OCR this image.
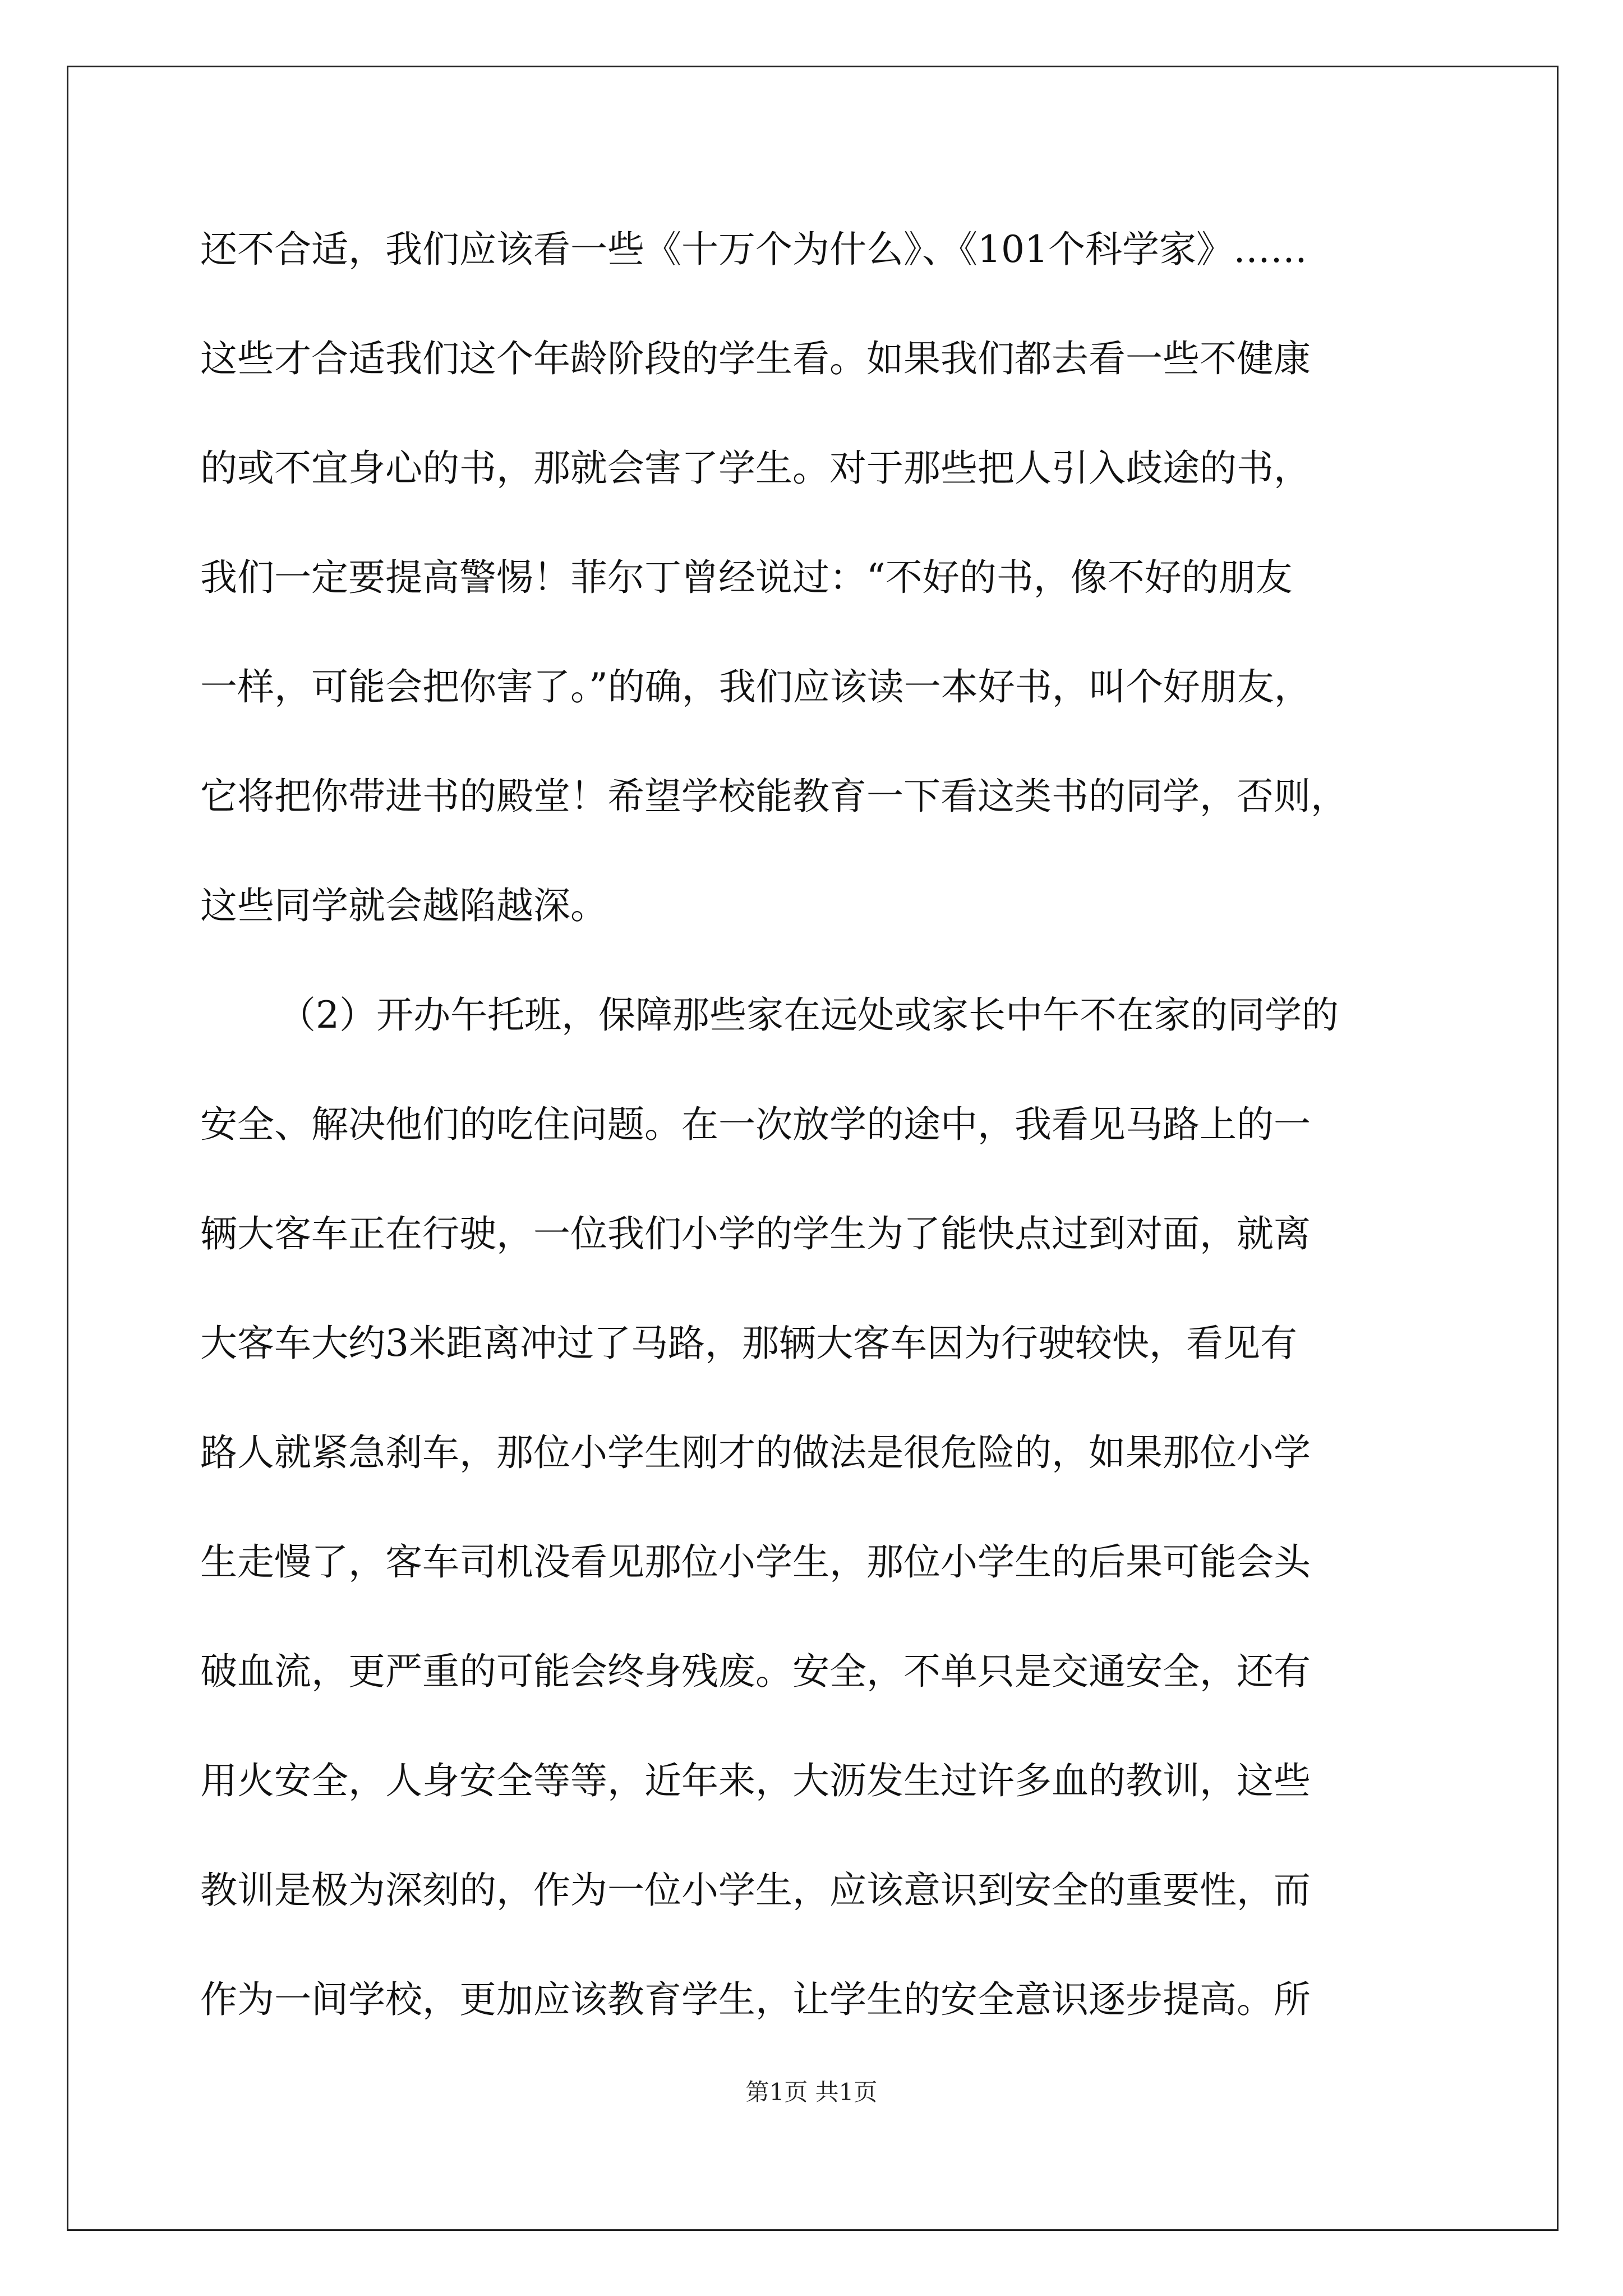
还不合适，我们应该看一些《十万个为什么》、《101个科学家》……
这些才合适我们这个年龄阶段的学生看。如果我们都去看一些不健康
的或不宜身心的书，那就会害了学生。对于那些把人引入歧途的书，
我们一定要提高警惕！菲尔丁曾经说过：“不好的书，像不好的朋友
一样，可能会把你害了。”的确，我们应该读一本好书，叫个好朋友，
它将把你带进书的殿堂！希望学校能教育一下看这类书的同学，否则，
这些同学就会越陷越深。
（2）开办午托班，保障那些家在远处或家长中午不在家的同学的
安全、解决他们的吃住问题。在一次放学的途中，我看见马路上的一
辆大客车正在行驶，一位我们小学的学生为了能快点过到对面，就离
大客车大约3米距离冲过了马路，那辆大客车因为行驶较快，看见有
路人就紧急刹车，那位小学生刚才的做法是很危险的，如果那位小学
生走慢了，客车司机没看见那位小学生，那位小学生的后果可能会头
破血流，更严重的可能会终身残废。安全，不单只是交通安全，还有
用火安全，人身安全等等，近年来，大沥发生过许多血的教训，这些
教训是极为深刻的，作为一位小学生，应该意识到安全的重要性，而
作为一间学校，更加应该教育学生，让学生的安全意识逐步提高。所
第1页 共1页
